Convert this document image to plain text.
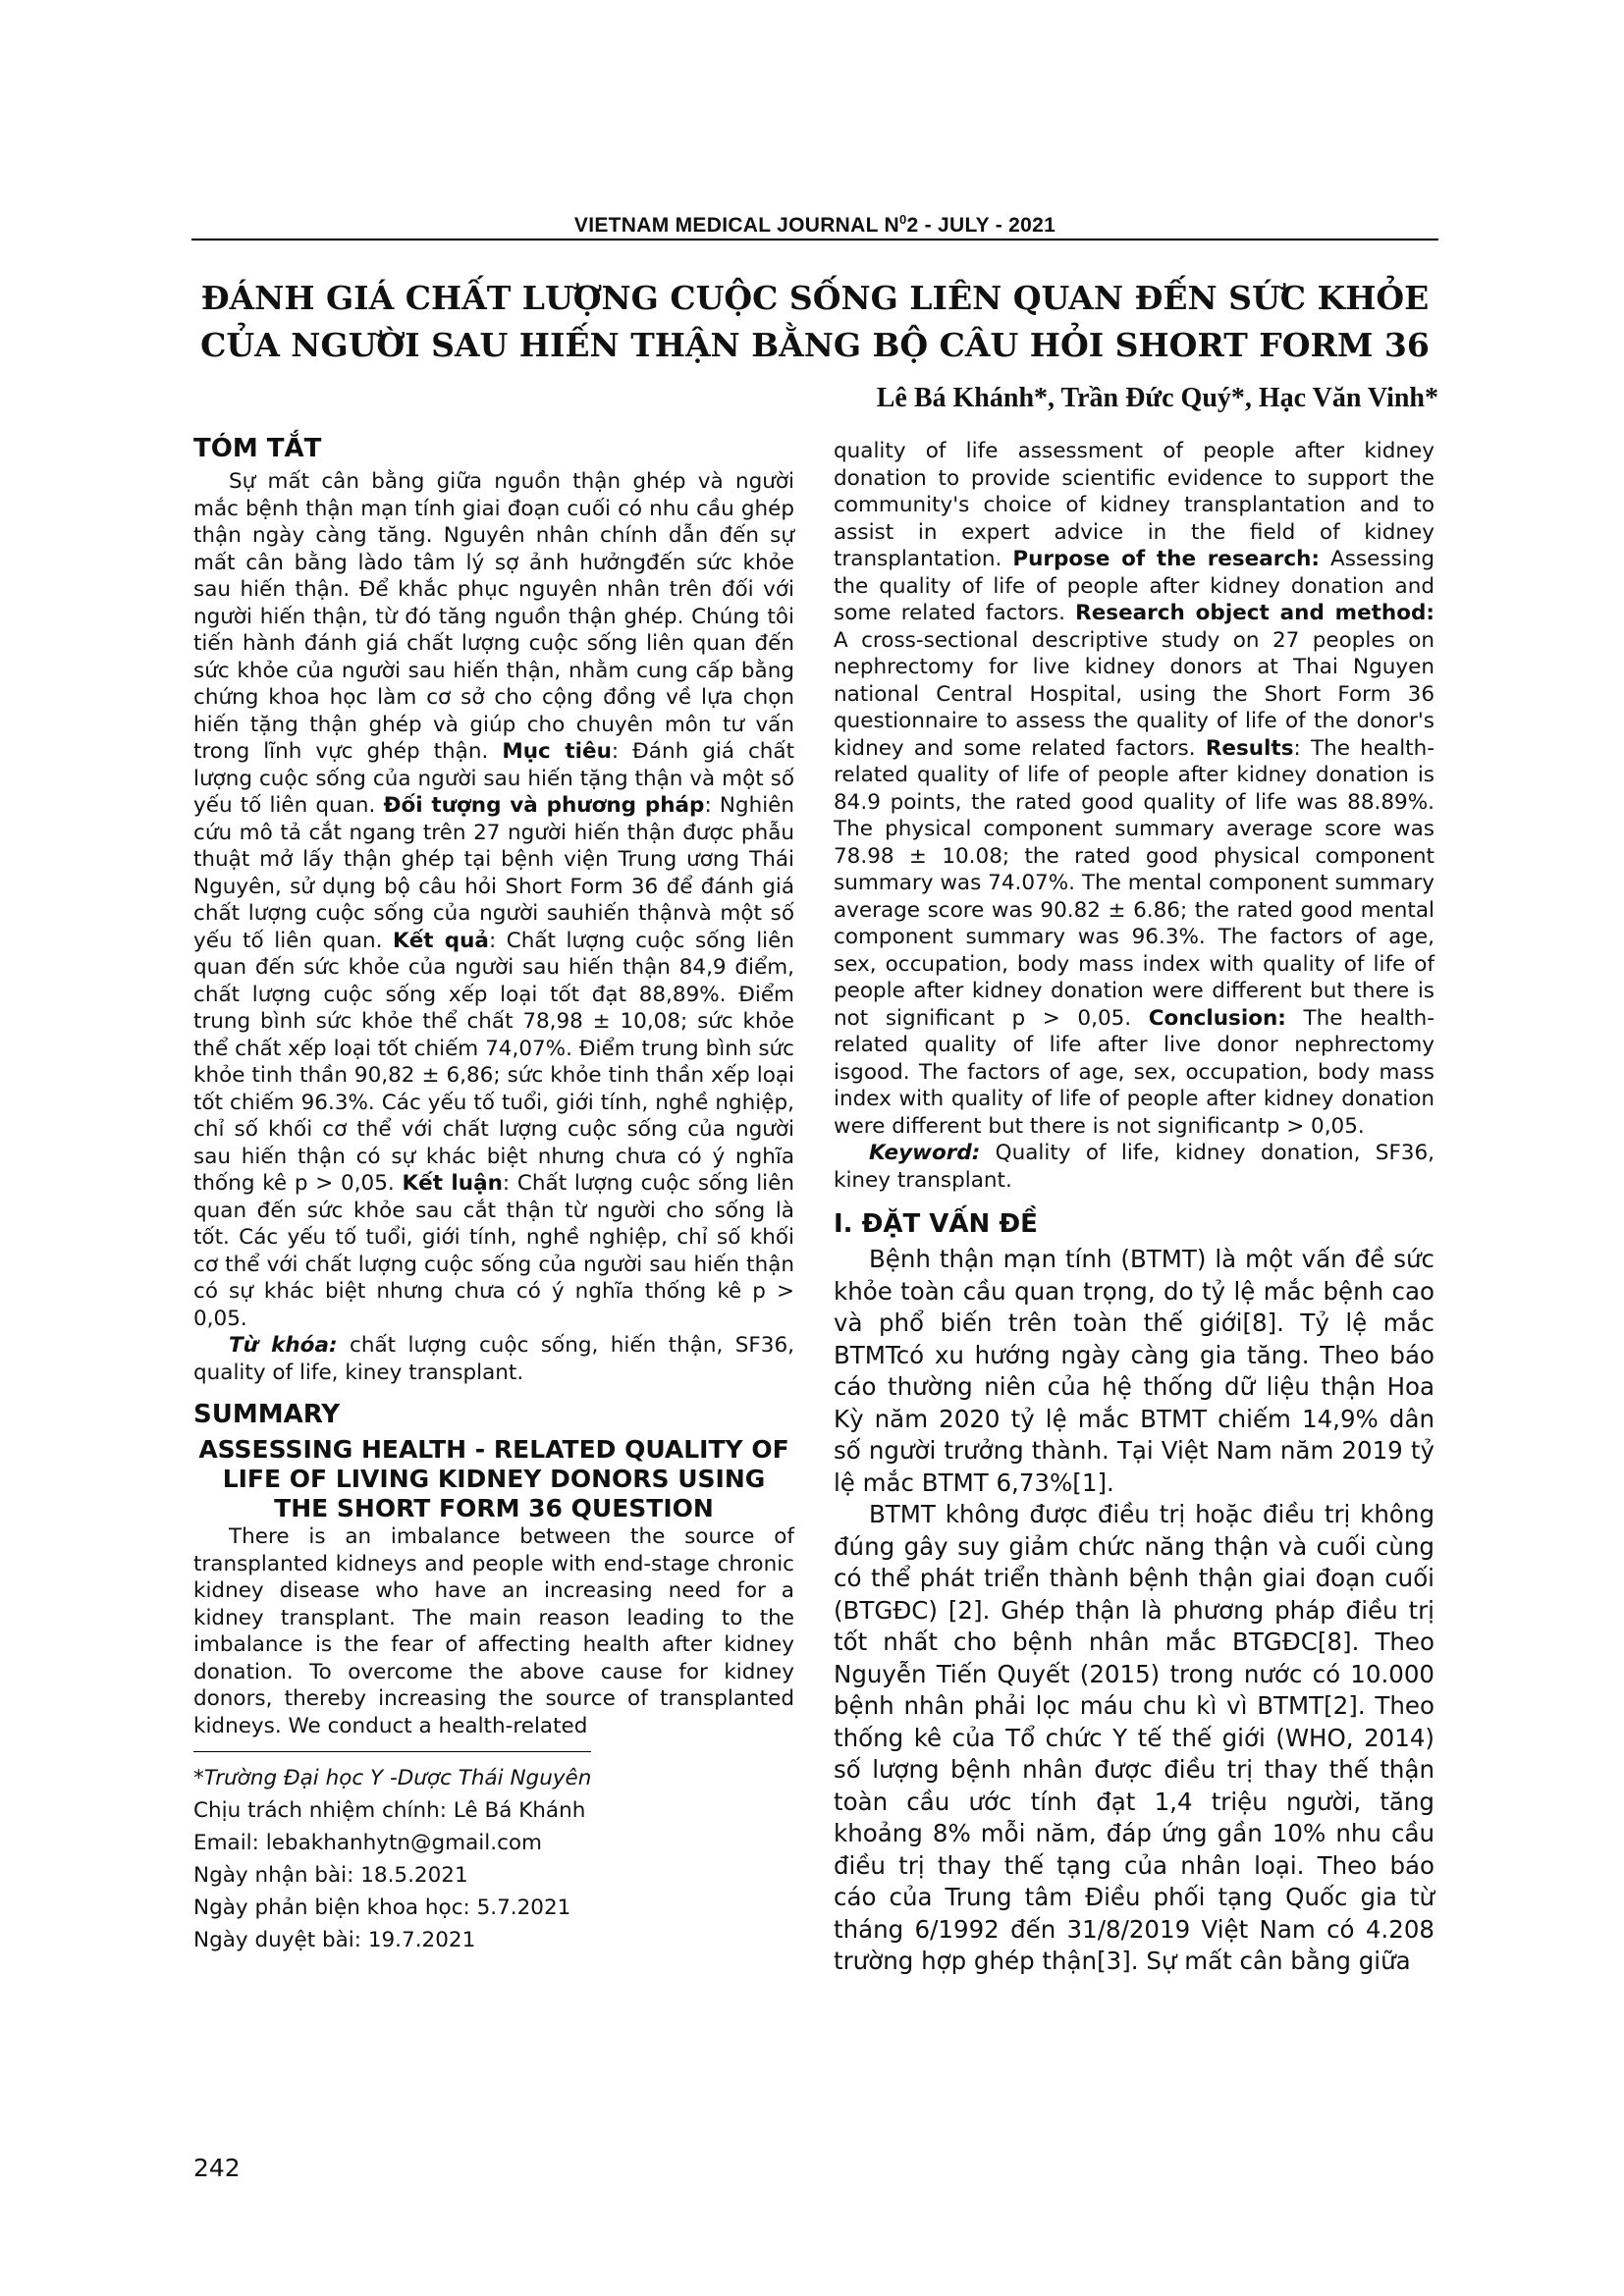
VIETNAM MEDICAL JOURNAL $N^02$ - JULY - 2021
ĐÁNH GIÁ CHẤT LƯỢNG CUỘC SỐNG LIÊN QUAN ĐẾN SỨC KHỎE
CỦA NGƯỜI SAU HIẾN THẬN BẰNG BỘ CÂU HỎI SHORT FORM 36
Lê Bá Khánh*, Trần Đức Quý*, Hạc Văn Vinh*
TÓM TẮT

Sự mất cân bằng giữa nguồn thận ghép và người mắc bệnh thận mạn tính giai đoạn cuối có nhu cầu ghép thận ngày càng tăng. Nguyên nhân chính dẫn đến sự mất cân bằng làdo tâm lý sợ ảnh hưởngđến sức khỏe sau hiến thận. Để khắc phục nguyên nhân trên đối với người hiến thận, từ đó tăng nguồn thận ghép. Chúng tôi tiến hành đánh giá chất lượng cuộc sống liên quan đến sức khỏe của người sau hiến thận, nhằm cung cấp bằng chứng khoa học làm cơ sở cho cộng đồng về lựa chọn hiến tặng thận ghép và giúp cho chuyên môn tư vấn trong lĩnh vực ghép thận. Mục tiêu: Đánh giá chất lượng cuộc sống của người sau hiến tặng thận và một số yếu tố liên quan. Đối tượng và phương pháp: Nghiên cứu mô tả cắt ngang trên 27 người hiến thận được phẫu thuật mở lấy thận ghép tại bệnh viện Trung ương Thái Nguyên, sử dụng bộ câu hỏi Short Form 36 để đánh giá chất lượng cuộc sống của người sauhiến thậnvà một số yếu tố liên quan. Kết quả: Chất lượng cuộc sống liên quan đến sức khỏe của người sau hiến thận 84,9 điểm, chất lượng cuộc sống xếp loại tốt đạt 88,89%. Điểm trung bình sức khỏe thể chất 78,98 ± 10,08; sức khỏe thể chất xếp loại tốt chiếm 74,07%. Điểm trung bình sức khỏe tinh thần 90,82 ± 6,86; sức khỏe tinh thần xếp loại tốt chiếm 96.3%. Các yếu tố tuổi, giới tính, nghề nghiệp, chỉ số khối cơ thể với chất lượng cuộc sống của người sau hiến thận có sự khác biệt nhưng chưa có ý nghĩa thống kê p > 0,05. Kết luận: Chất lượng cuộc sống liên quan đến sức khỏe sau cắt thận từ người cho sống là tốt. Các yếu tố tuổi, giới tính, nghề nghiệp, chỉ số khối cơ thể với chất lượng cuộc sống của người sau hiến thận có sự khác biệt nhưng chưa có ý nghĩa thống kê p > 0,05.

Từ khóa: chất lượng cuộc sống, hiến thận, SF36, quality of life, kiney transplant.

SUMMARY
ASSESSING HEALTH - RELATED QUALITY OF LIFE OF LIVING KIDNEY DONORS USING THE SHORT FORM 36 QUESTION

There is an imbalance between the source of transplanted kidneys and people with end-stage chronic kidney disease who have an increasing need for a kidney transplant. The main reason leading to the imbalance is the fear of affecting health after kidney donation. To overcome the above cause for kidney donors, thereby increasing the source of transplanted kidneys. We conduct a health-related

*Trường Đại học Y -Dược Thái Nguyên
Chịu trách nhiệm chính: Lê Bá Khánh
Email: lebakhanhytn@gmail.com
Ngày nhận bài: 18.5.2021
Ngày phản biện khoa học: 5.7.2021
Ngày duyệt bài: 19.7.2021

quality of life assessment of people after kidney donation to provide scientific evidence to support the community's choice of kidney transplantation and to assist in expert advice in the field of kidney transplantation. Purpose of the research: Assessing the quality of life of people after kidney donation and some related factors. Research object and method: A cross-sectional descriptive study on 27 peoples on nephrectomy for live kidney donors at Thai Nguyen national Central Hospital, using the Short Form 36 questionnaire to assess the quality of life of the donor's kidney and some related factors. Results: The health-related quality of life of people after kidney donation is 84.9 points, the rated good quality of life was 88.89%. The physical component summary average score was 78.98 ± 10.08; the rated good physical component summary was 74.07%. The mental component summary average score was 90.82 ± 6.86; the rated good mental component summary was 96.3%. The factors of age, sex, occupation, body mass index with quality of life of people after kidney donation were different but there is not significant p > 0,05. Conclusion: The health-related quality of life after live donor nephrectomy isgood. The factors of age, sex, occupation, body mass index with quality of life of people after kidney donation were different but there is not significantp > 0,05.

Keyword: Quality of life, kidney donation, SF36, kiney transplant.

I. ĐẶT VẤN ĐỀ

Bệnh thận mạn tính (BTMT) là một vấn đề sức khỏe toàn cầu quan trọng, do tỷ lệ mắc bệnh cao và phổ biến trên toàn thế giới[8]. Tỷ lệ mắc BTMTcó xu hướng ngày càng gia tăng. Theo báo cáo thường niên của hệ thống dữ liệu thận Hoa Kỳ năm 2020 tỷ lệ mắc BTMT chiếm 14,9% dân số người trưởng thành. Tại Việt Nam năm 2019 tỷ lệ mắc BTMT 6,73%[1].

BTMT không được điều trị hoặc điều trị không đúng gây suy giảm chức năng thận và cuối cùng có thể phát triển thành bệnh thận giai đoạn cuối (BTGĐC) [2]. Ghép thận là phương pháp điều trị tốt nhất cho bệnh nhân mắc BTGĐC[8]. Theo Nguyễn Tiến Quyết (2015) trong nước có 10.000 bệnh nhân phải lọc máu chu kì vì BTMT[2]. Theo thống kê của Tổ chức Y tế thế giới (WHO, 2014) số lượng bệnh nhân được điều trị thay thế thận toàn cầu ước tính đạt 1,4 triệu người, tăng khoảng 8% mỗi năm, đáp ứng gần 10% nhu cầu điều trị thay thế tạng của nhân loại. Theo báo cáo của Trung tâm Điều phối tạng Quốc gia từ tháng 6/1992 đến 31/8/2019 Việt Nam có 4.208 trường hợp ghép thận[3]. Sự mất cân bằng giữa

242
